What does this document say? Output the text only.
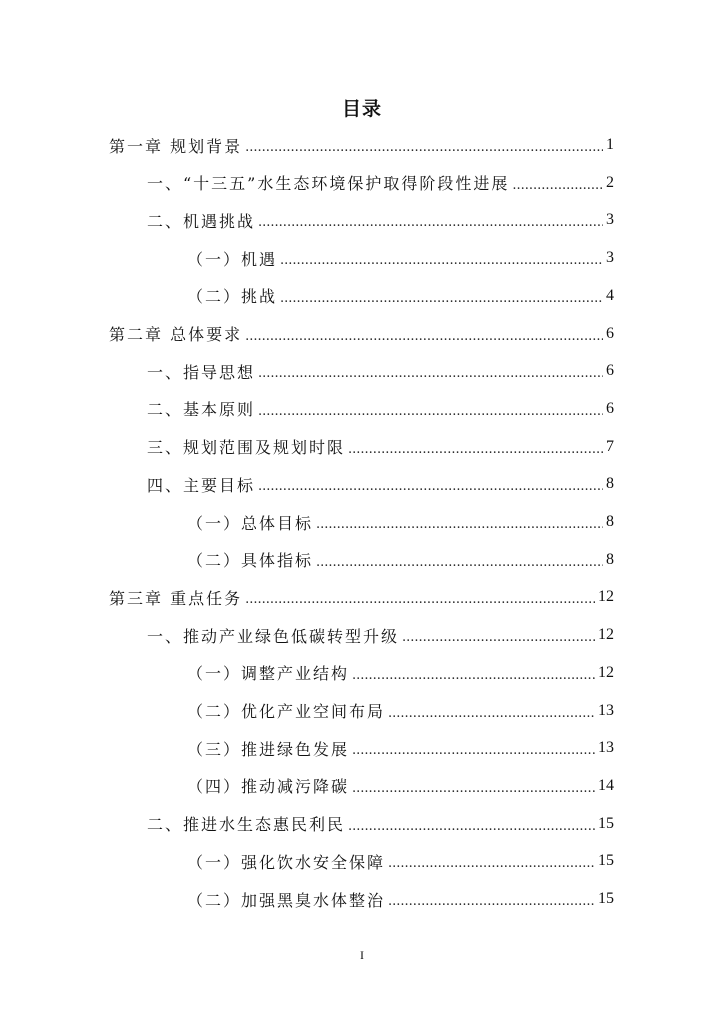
目录
第一章 规划背景 .....	1
一、“十三五”水生态环境保护取得阶段性进展 .....	2
二、机遇挑战 .....	3
（一）机遇 .....	3
（二）挑战 .....	4
第二章 总体要求 .....	6
一、指导思想 .....	6
二、基本原则 .....	6
三、规划范围及规划时限 .....	7
四、主要目标 .....	8
（一）总体目标 .....	8
（二）具体指标 .....	8
第三章 重点任务 .....	12
一、推动产业绿色低碳转型升级 .....	12
（一）调整产业结构 .....	12
（二）优化产业空间布局 .....	13
（三）推进绿色发展 .....	13
（四）推动减污降碳 .....	14
二、推进水生态惠民利民 .....	15
（一）强化饮水安全保障 .....	15
（二）加强黑臭水体整治 .....	15
I
